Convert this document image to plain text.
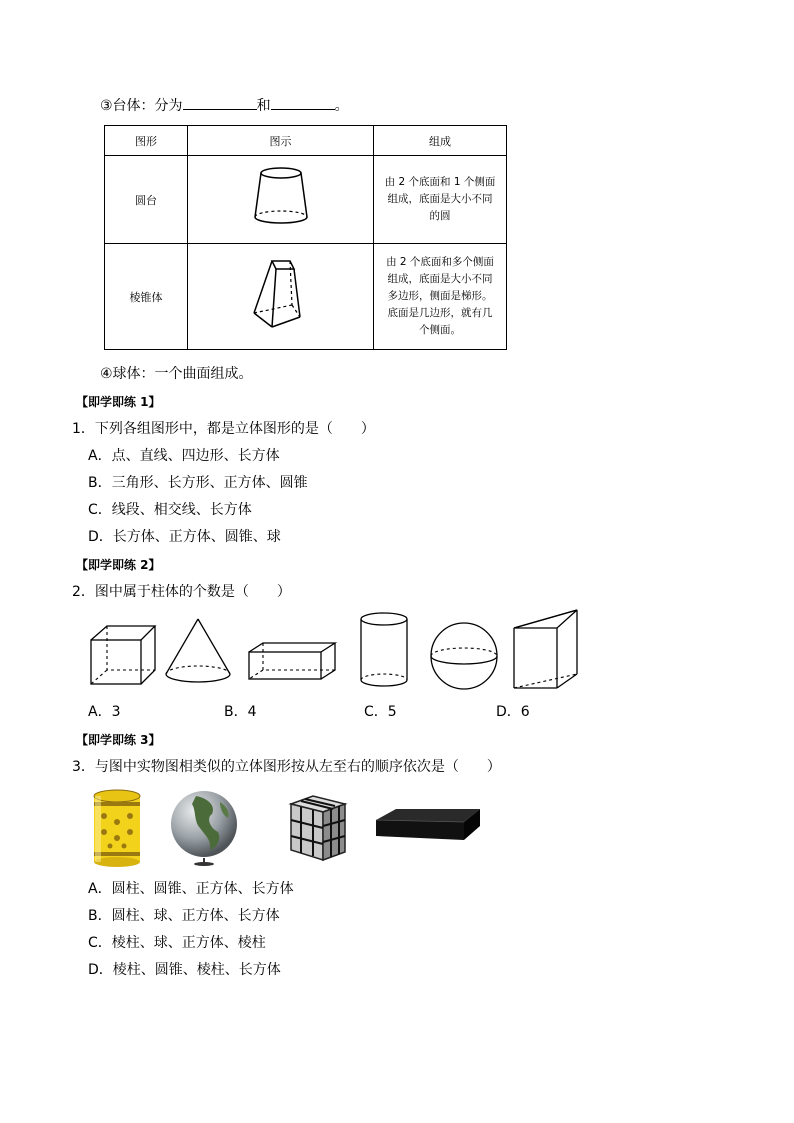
③台体：分为	和	。
图形	图示	组成
圆台		由 2 个底面和 1 个侧面
组成，底面是大小不同
的圆

棱锥体		由 2 个底面和多个侧面
组成，底面是大小不同
多边形，侧面是梯形。
底面是几边形，就有几
个侧面。
④球体：一个曲面组成。
【即学即练 1】
1．下列各组图形中，都是立体图形的是（　　）
A．点、直线、四边形、长方体
B．三角形、长方形、正方体、圆锥
C．线段、相交线、长方体
D．长方体、正方体、圆锥、球
【即学即练 2】
2．图中属于柱体的个数是（　　）
A．3	B．4	C．5	D．6
【即学即练 3】
3．与图中实物图相类似的立体图形按从左至右的顺序依次是（　　）
A．圆柱、圆锥、正方体、长方体
B．圆柱、球、正方体、长方体
C．棱柱、球、正方体、棱柱
D．棱柱、圆锥、棱柱、长方体
